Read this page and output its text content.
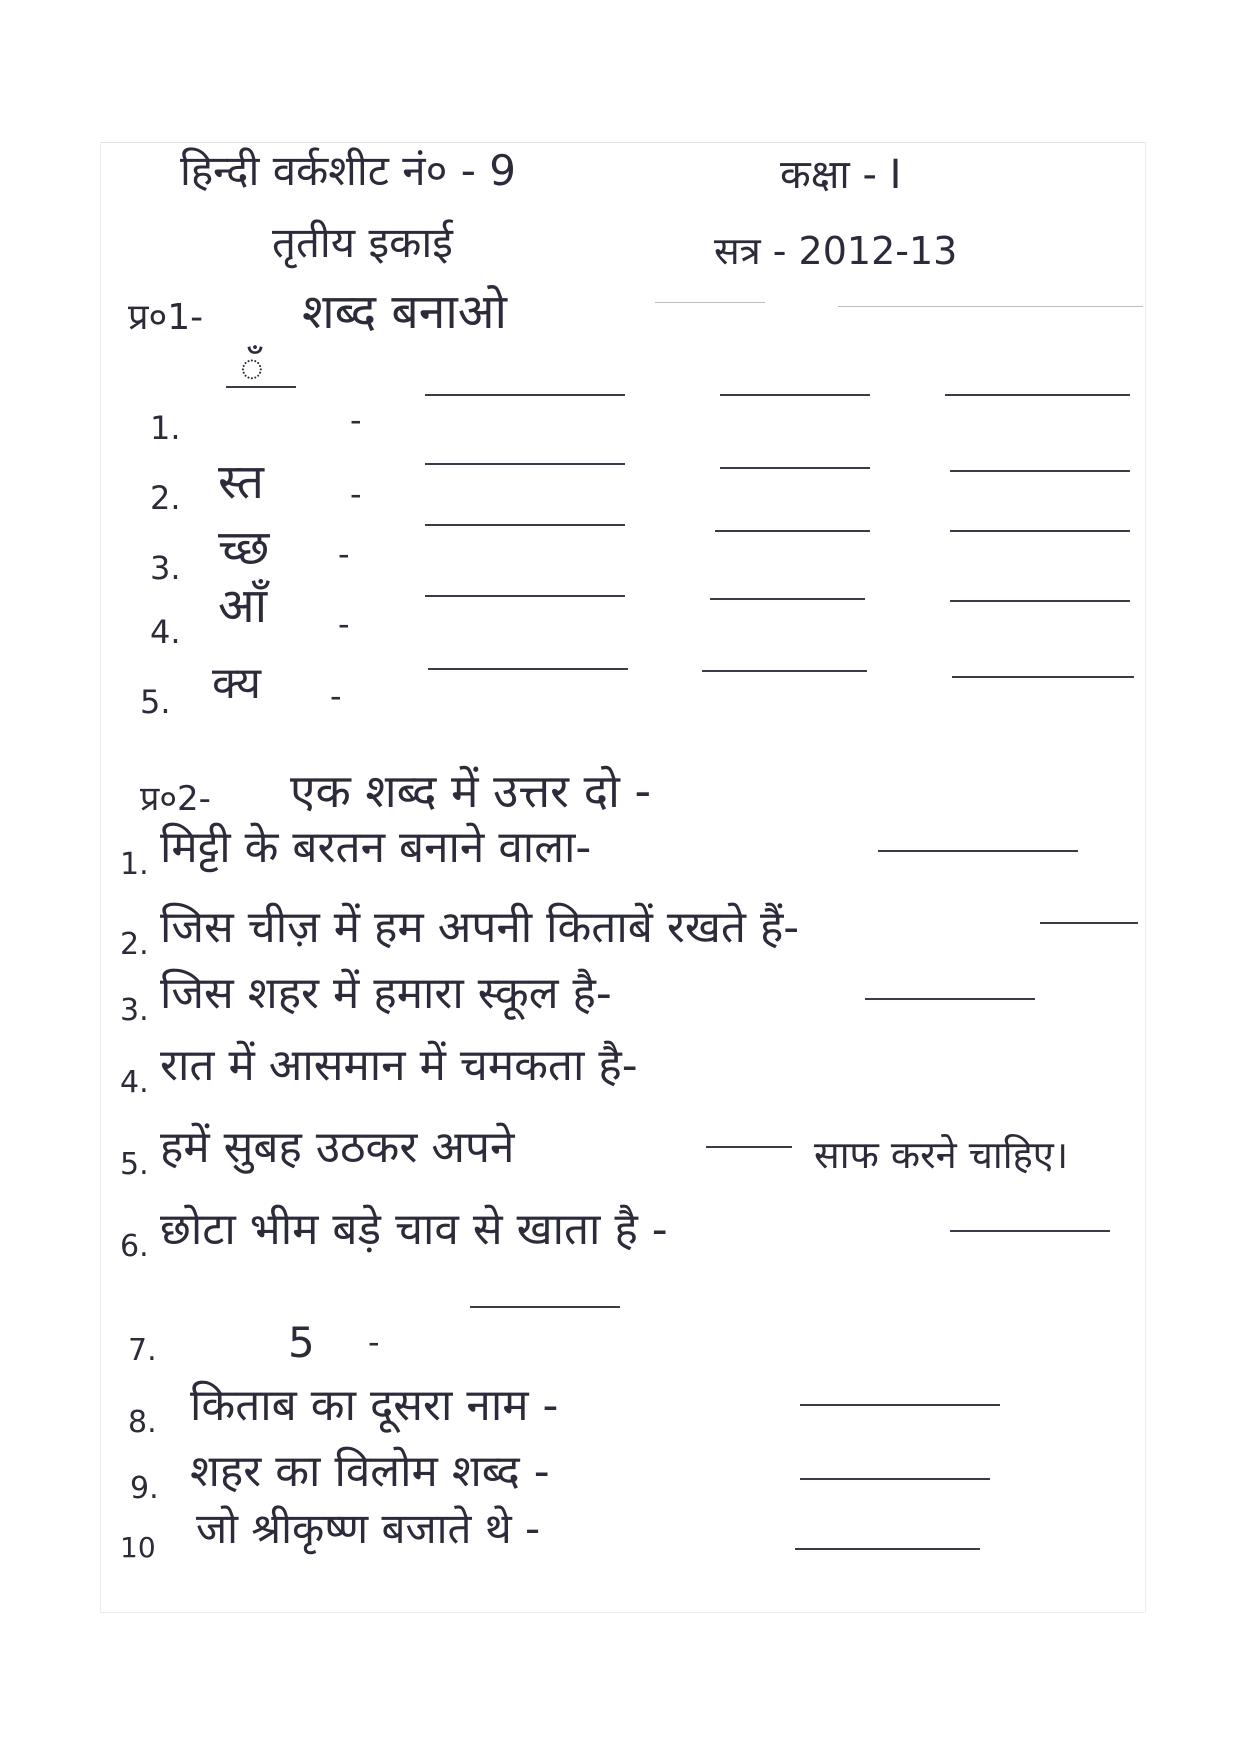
हिन्दी वर्कशीट नं० - 9	कक्षा - I
तृतीय इकाई	सत्र - 2012-13
प्र०1- शब्द बनाओ
1.
ँ
-
2. स्त	-
3. च्छ -
4. आँ -
5. क्य -
प्र०2- एक शब्द में उत्तर दो -
1. मिट्टी के बरतन बनाने वाला-
2. जिस चीज़ में हम अपनी किताबें रखते हैं-
3. जिस शहर में हमारा स्कूल है-
4. रात में आसमान में चमकता है-
5. हमें सुबह उठकर अपने	साफ करने चाहिए।
6. छोटा भीम बड़े चाव से खाता है -
7.	5 -
8. किताब का दूसरा नाम -
9. शहर का विलोम शब्द -
10 जो श्रीकृष्ण बजाते थे -
